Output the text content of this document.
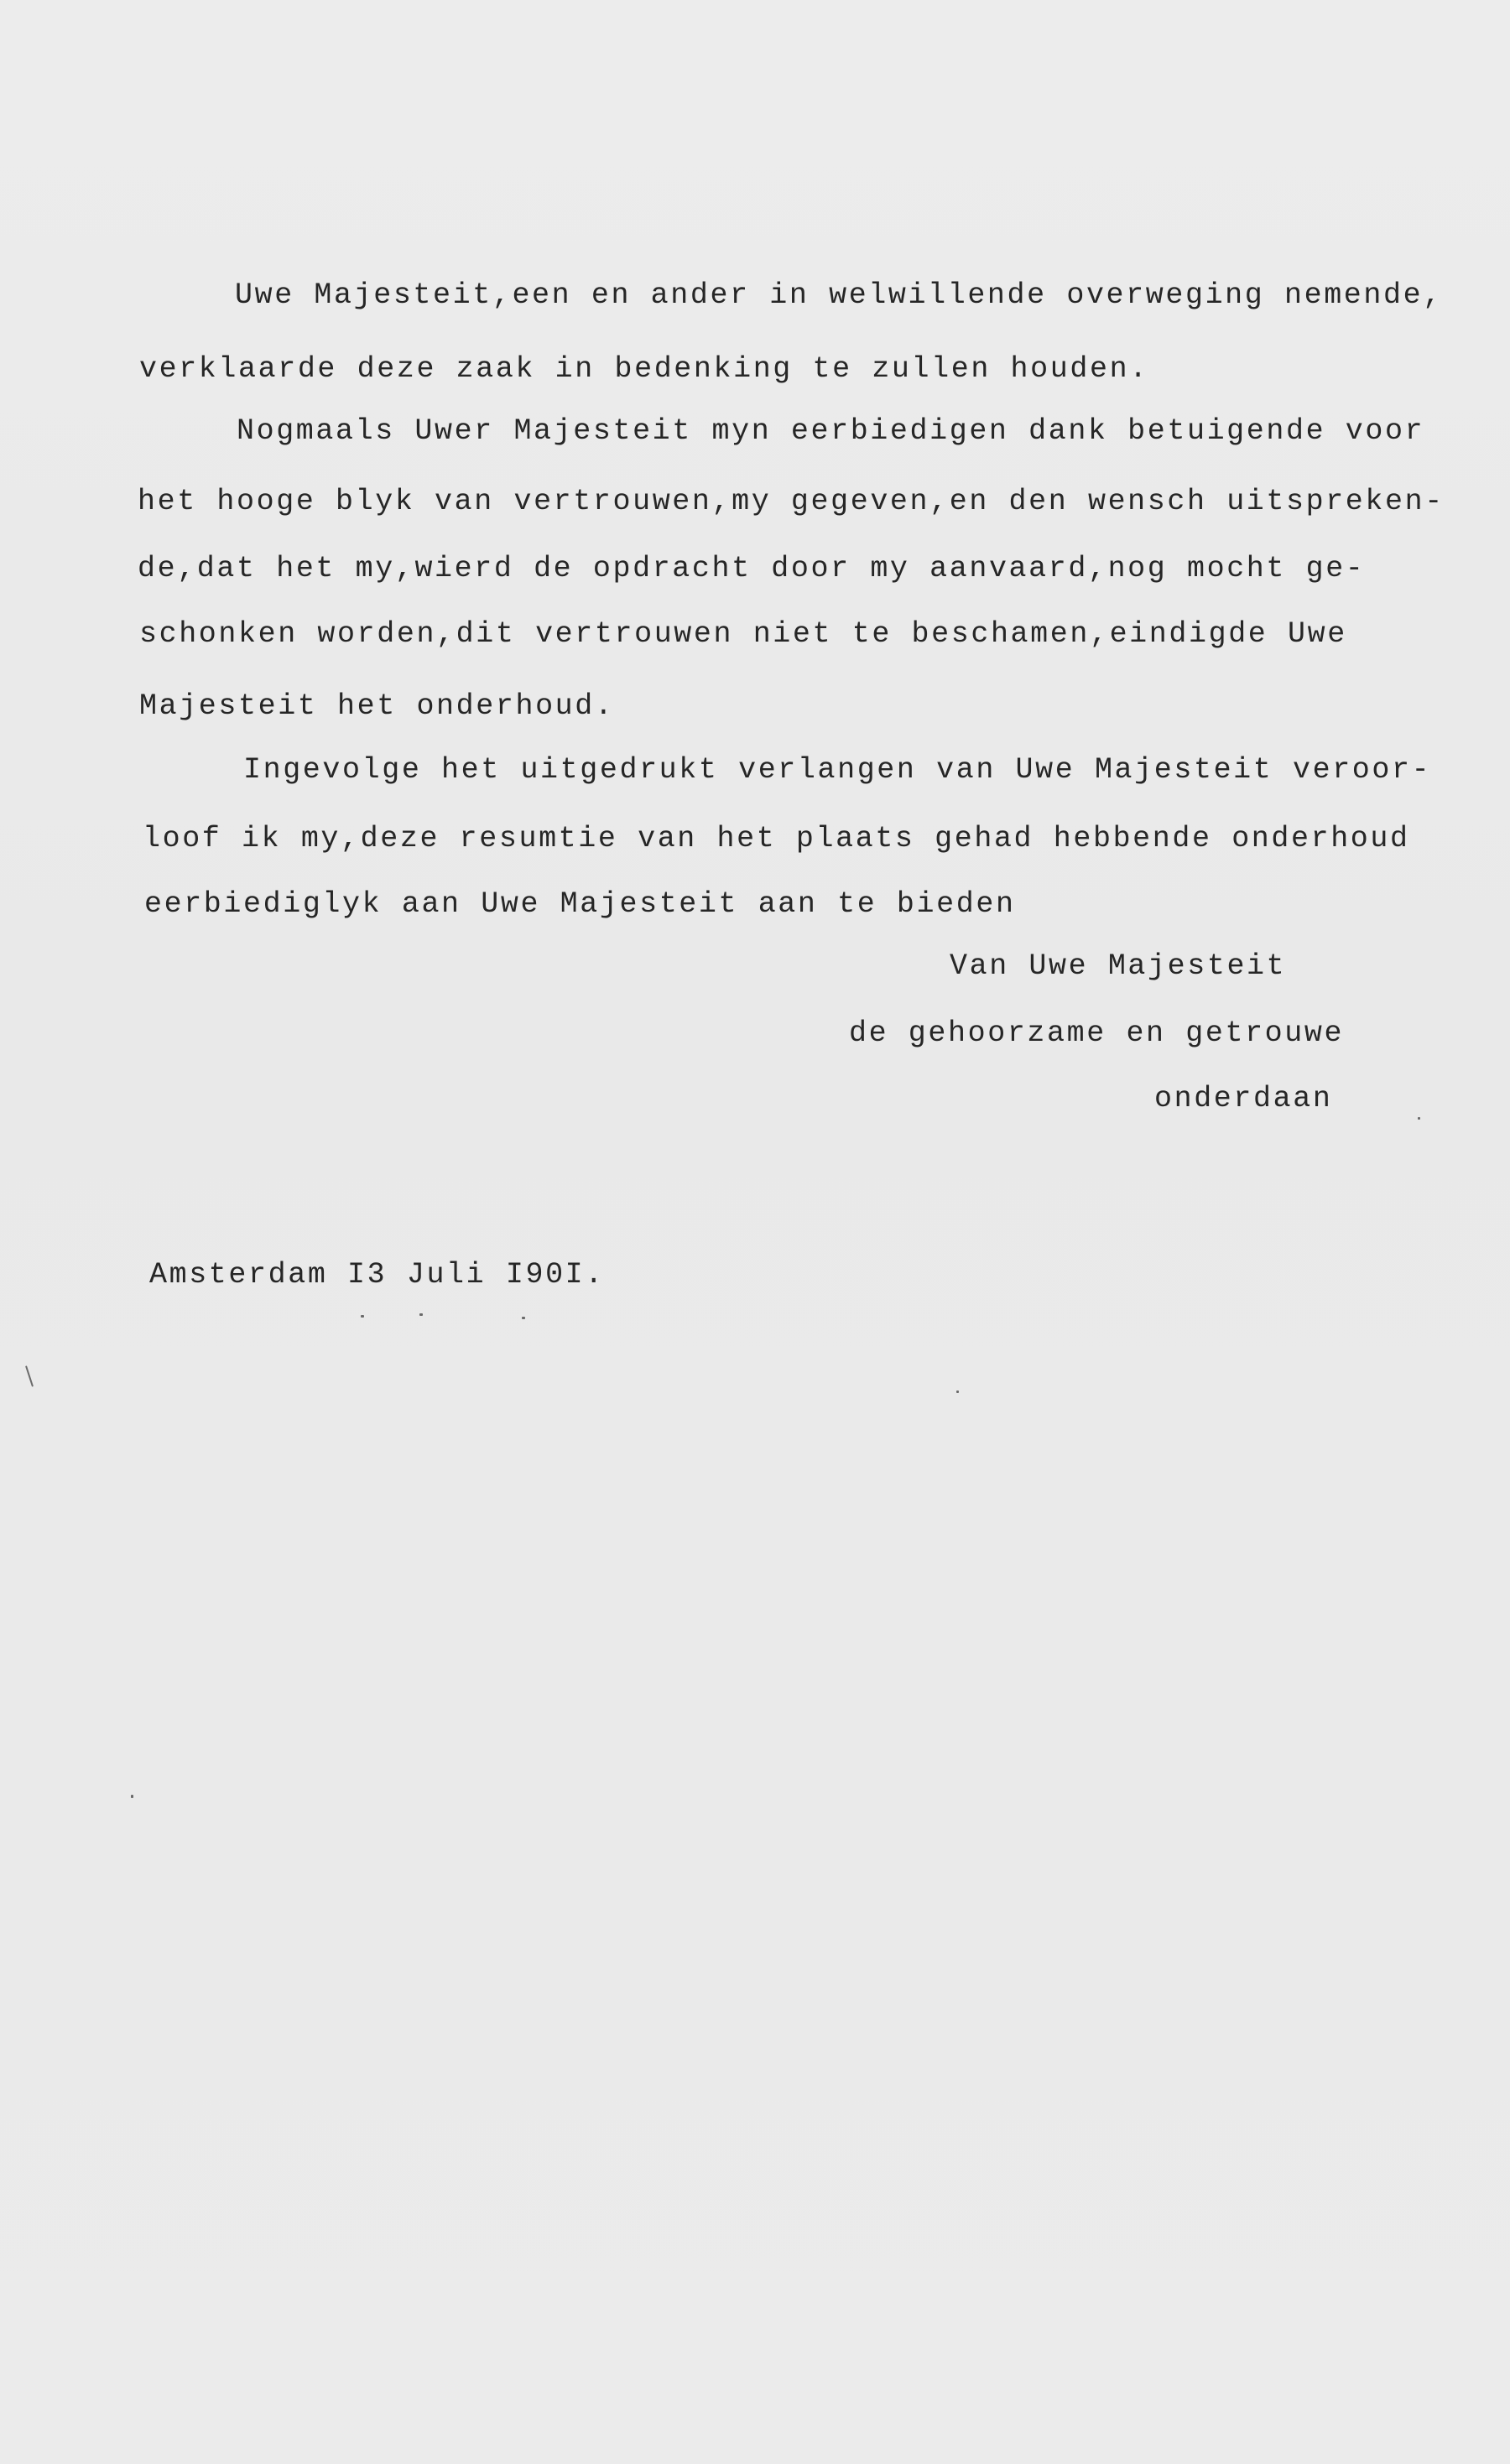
Uwe Majesteit,een en ander in welwillende overweging nemende,
verklaarde deze zaak in bedenking te zullen houden.
Nogmaals Uwer Majesteit myn eerbiedigen dank betuigende voor
het hooge blyk van vertrouwen,my gegeven,en den wensch uitspreken-
de,dat het my,wierd de opdracht door my aanvaard,nog mocht ge-
schonken worden,dit vertrouwen niet te beschamen,eindigde Uwe
Majesteit het onderhoud.
Ingevolge het uitgedrukt verlangen van Uwe Majesteit veroor-
loof ik my,deze resumtie van het plaats gehad hebbende onderhoud
eerbiediglyk aan Uwe Majesteit aan te bieden
Van Uwe Majesteit
de gehoorzame en getrouwe
onderdaan
Amsterdam I3 Juli I90I.
